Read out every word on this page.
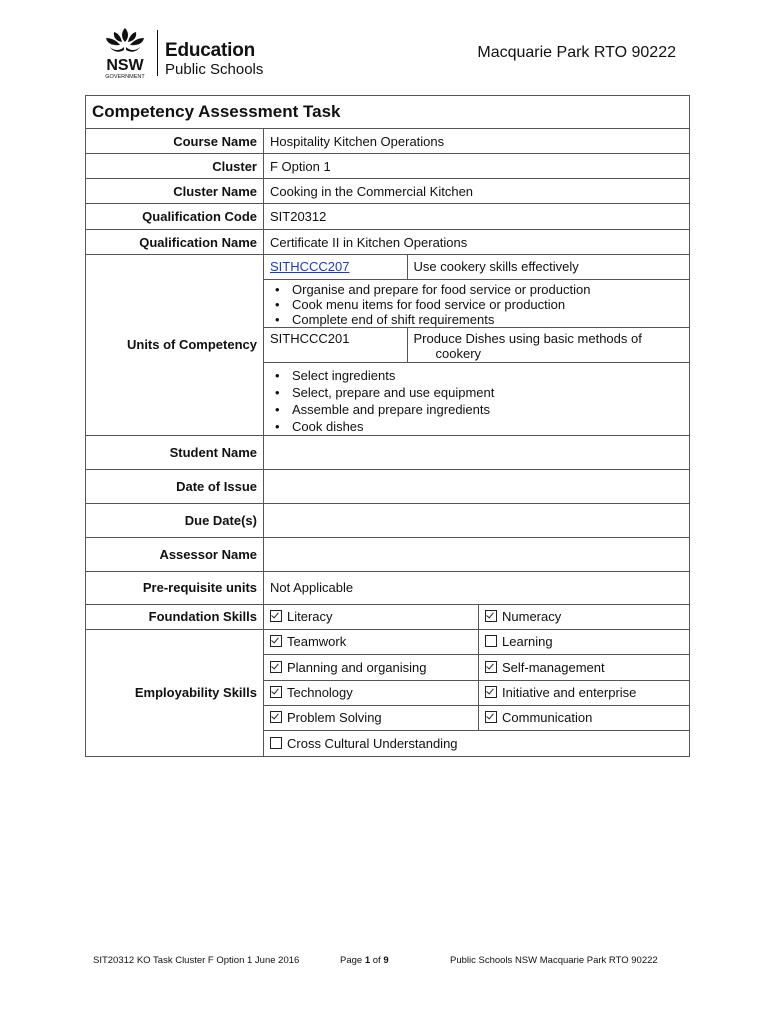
NSW
GOVERNMENT
Education
Public Schools
Macquarie Park RTO 90222
Competency Assessment Task
Course Name	Hospitality Kitchen Operations
Cluster	F Option 1
Cluster Name	Cooking in the Commercial Kitchen
Qualification Code	SIT20312
Qualification Name	Certificate II in Kitchen Operations
Units of Competency	
SITHCCC207	Use cookery skills effectively

• Organise and prepare for food service or production
• Cook menu items for food service or production
• Complete end of shift requirements

SITHCCC201	Produce Dishes using basic methods of
cookery

• Select ingredients
• Select, prepare and use equipment
• Assemble and prepare ingredients
• Cook dishes

Student Name	
Date of Issue	
Due Date(s)	
Assessor Name	
Pre-requisite units	Not Applicable
Foundation Skills	Literacy	Numeracy
Employability Skills	Teamwork	Learning
Planning and organising	Self-management
Technology	Initiative and enterprise
Problem Solving	Communication
Cross Cultural Understanding
SIT20312 KO Task Cluster F Option 1 June 2016	Page 1 of 9	Public Schools NSW Macquarie Park RTO 90222
